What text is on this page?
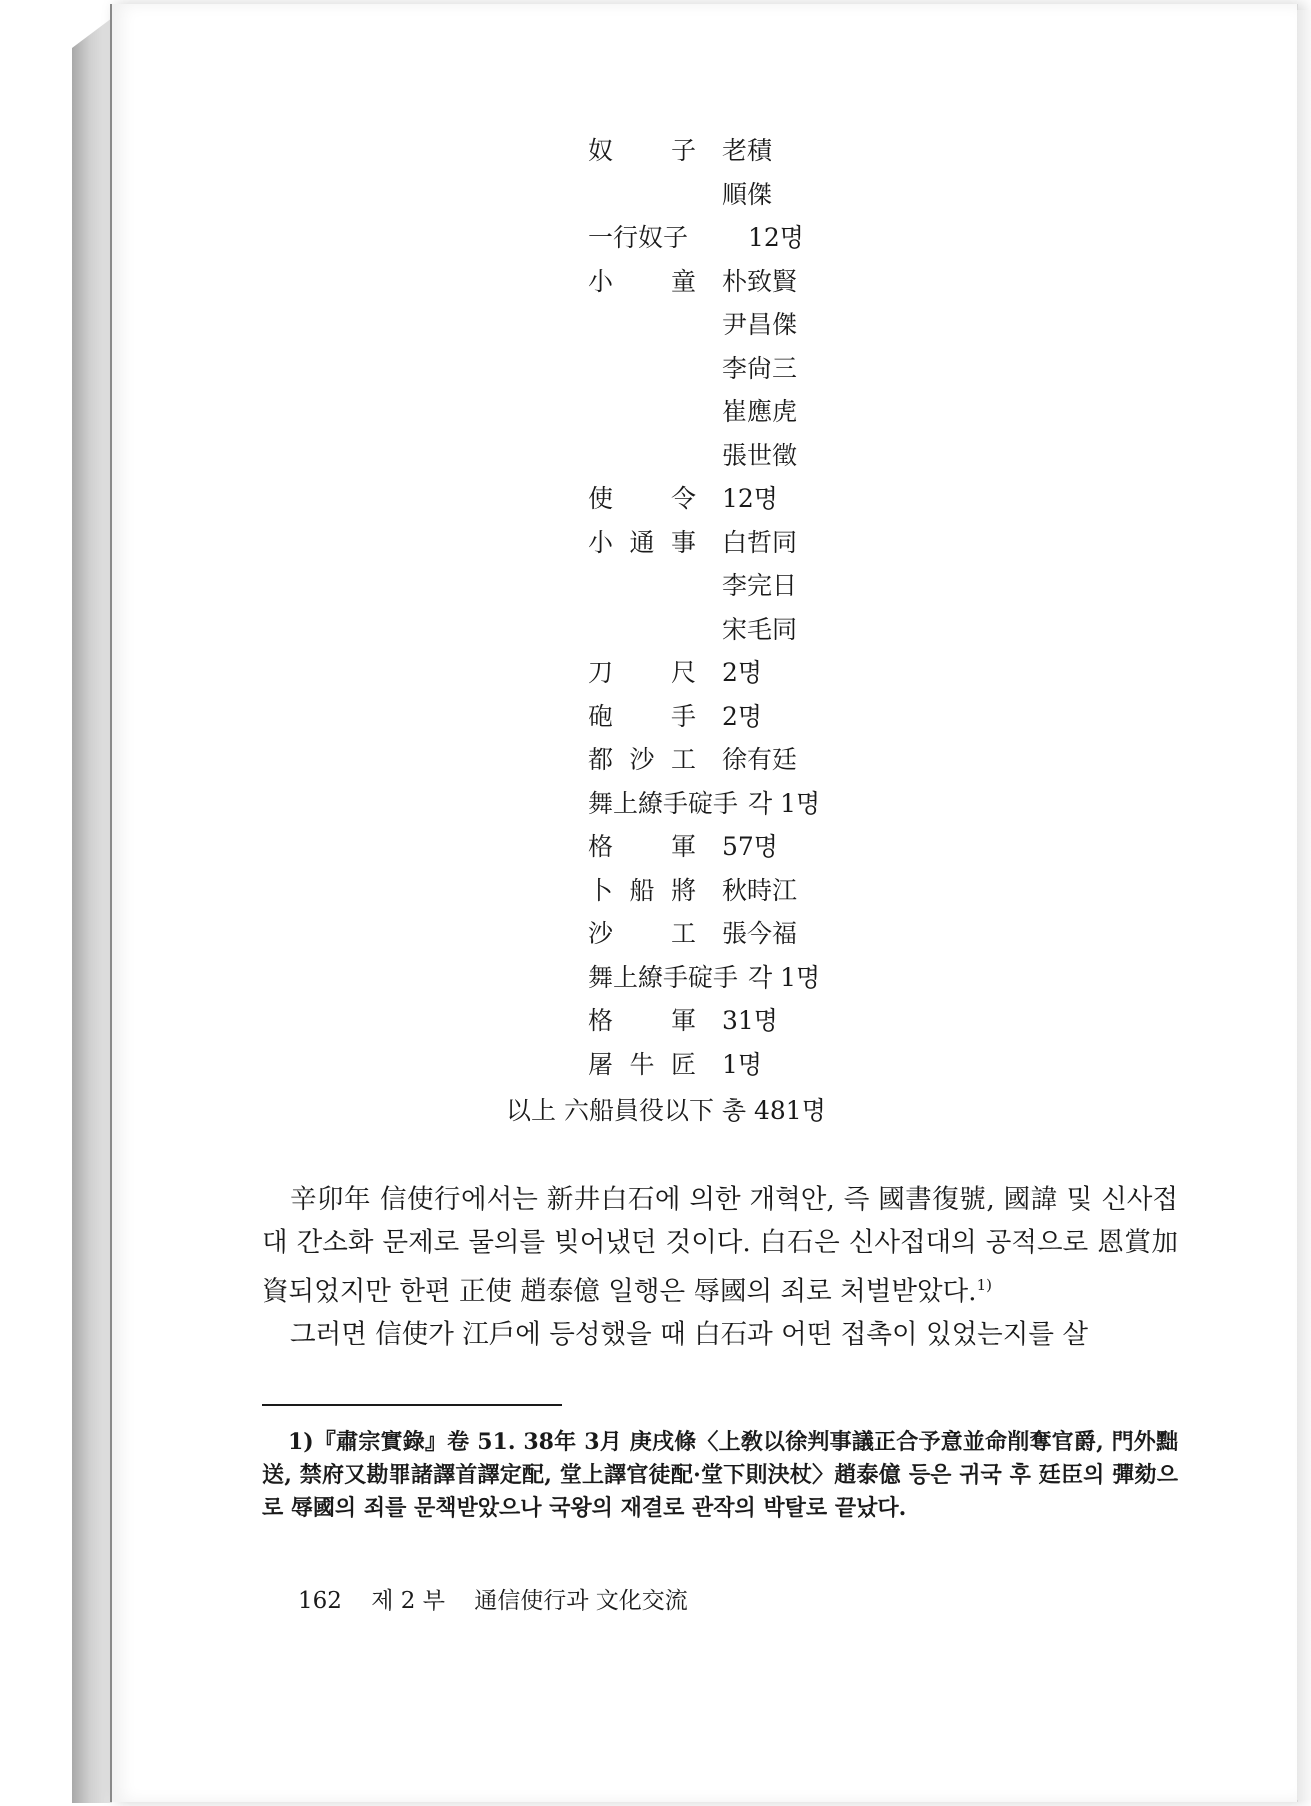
奴 子 老積
順傑
一行奴子 12명
小 童 朴致賢
尹昌傑
李尙三
崔應虎
張世徵
使 令 12명
小 通 事 白哲同
李完日
宋毛同
刀 尺 2명
砲 手 2명
都 沙 工 徐有廷
舞上繚手碇手 각 1명
格 軍 57명
卜 船 將 秋時江
沙 工 張今福
舞上繚手碇手 각 1명
格 軍 31명
屠 牛 匠 1명
以上 六船員役以下 총 481명

辛卯年 信使行에서는 新井白石에 의한 개혁안, 즉 國書復號, 國諱 및 신사접대 간소화 문제로 물의를 빚어냈던 것이다. 白石은 신사접대의 공적으로 恩賞加資되었지만 한편 正使 趙泰億 일행은 辱國의 죄로 처벌받았다.$^{1)}$

그러면 信使가 江戶에 등성했을 때 白石과 어떤 접촉이 있었는지를 살

1)『肅宗實錄』卷 51. 38年 3月 庚戌條〈上敎以徐判事議正合予意並命削奪官爵, 門外黜送, 禁府又勘罪諸譯首譯定配, 堂上譯官徒配·堂下則決杖〉趙泰億 등은 귀국 후 廷臣의 彈劾으로 辱國의 죄를 문책받았으나 국왕의 재결로 관작의 박탈로 끝났다.
162 제 2 부 通信使行과 文化交流
